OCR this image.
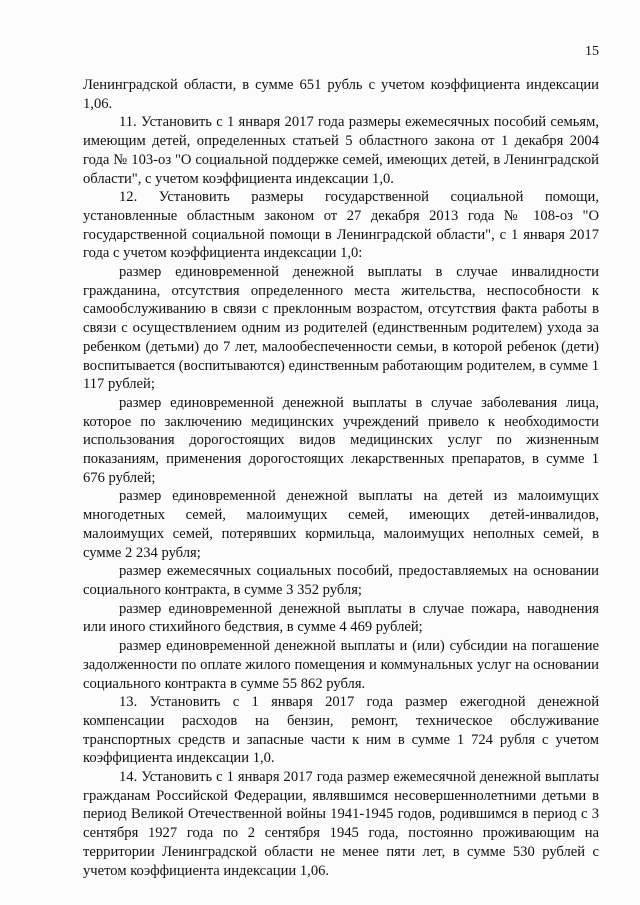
15

Ленинградской области, в сумме 651 рубль с учетом коэффициента индексации 1,06.

11. Установить с 1 января 2017 года размеры ежемесячных пособий семьям, имеющим детей, определенных статьей 5 областного закона от 1 декабря 2004 года № 103-оз "О социальной поддержке семей, имеющих детей, в Ленинградской области", с учетом коэффициента индексации 1,0.

12. Установить размеры государственной социальной помощи, установленные областным законом от 27 декабря 2013 года № 108-оз "О государственной социальной помощи в Ленинградской области", с 1 января 2017 года с учетом коэффициента индексации 1,0:

размер единовременной денежной выплаты в случае инвалидности гражданина, отсутствия определенного места жительства, неспособности к самообслуживанию в связи с преклонным возрастом, отсутствия факта работы в связи с осуществлением одним из родителей (единственным родителем) ухода за ребенком (детьми) до 7 лет, малообеспеченности семьи, в которой ребенок (дети) воспитывается (воспитываются) единственным работающим родителем, в сумме 1 117 рублей;

размер единовременной денежной выплаты в случае заболевания лица, которое по заключению медицинских учреждений привело к необходимости использования дорогостоящих видов медицинских услуг по жизненным показаниям, применения дорогостоящих лекарственных препаратов, в сумме 1 676 рублей;

размер единовременной денежной выплаты на детей из малоимущих многодетных семей, малоимущих семей, имеющих детей-инвалидов, малоимущих семей, потерявших кормильца, малоимущих неполных семей, в сумме 2 234 рубля;

размер ежемесячных социальных пособий, предоставляемых на основании социального контракта, в сумме 3 352 рубля;

размер единовременной денежной выплаты в случае пожара, наводнения или иного стихийного бедствия, в сумме 4 469 рублей;

размер единовременной денежной выплаты и (или) субсидии на погашение задолженности по оплате жилого помещения и коммунальных услуг на основании социального контракта в сумме 55 862 рубля.

13. Установить с 1 января 2017 года размер ежегодной денежной компенсации расходов на бензин, ремонт, техническое обслуживание транспортных средств и запасные части к ним в сумме 1 724 рубля с учетом коэффициента индексации 1,0.

14. Установить с 1 января 2017 года размер ежемесячной денежной выплаты гражданам Российской Федерации, являвшимся несовершеннолетними детьми в период Великой Отечественной войны 1941-1945 годов, родившимся в период с 3 сентября 1927 года по 2 сентября 1945 года, постоянно проживающим на территории Ленинградской области не менее пяти лет, в сумме 530 рублей с учетом коэффициента индексации 1,06.
